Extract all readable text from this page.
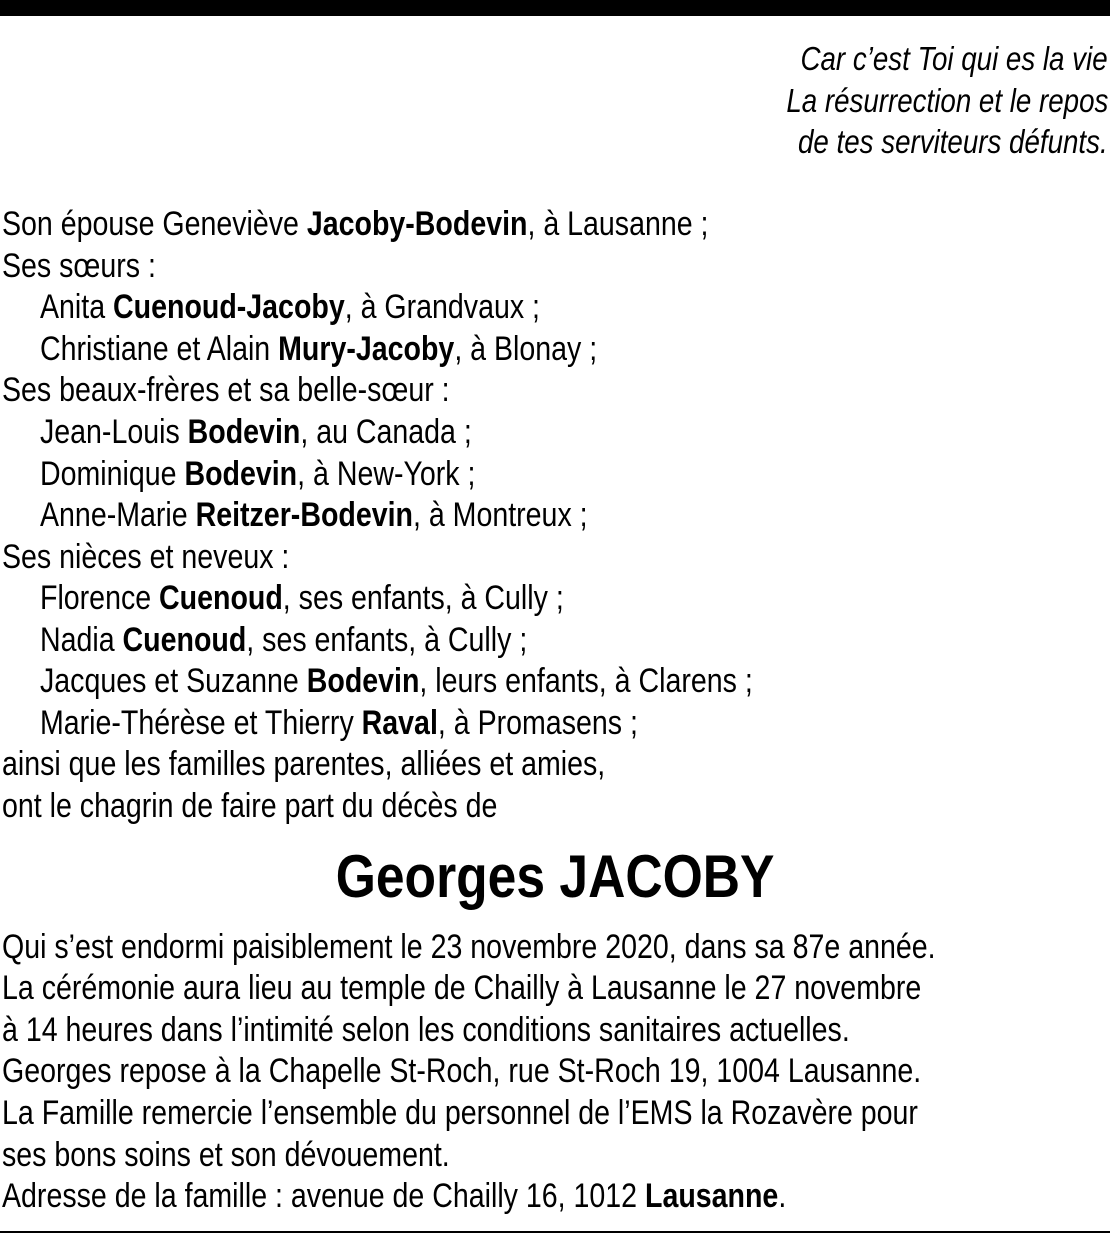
Car c’est Toi qui es la vie
La résurrection et le repos
de tes serviteurs défunts.
Son épouse Geneviève Jacoby-Bodevin, à Lausanne ;
Ses sœurs :
Anita Cuenoud-Jacoby, à Grandvaux ;
Christiane et Alain Mury-Jacoby, à Blonay ;
Ses beaux-frères et sa belle-sœur :
Jean-Louis Bodevin, au Canada ;
Dominique Bodevin, à New-York ;
Anne-Marie Reitzer-Bodevin, à Montreux ;
Ses nièces et neveux :
Florence Cuenoud, ses enfants, à Cully ;
Nadia Cuenoud, ses enfants, à Cully ;
Jacques et Suzanne Bodevin, leurs enfants, à Clarens ;
Marie-Thérèse et Thierry Raval, à Promasens ;
ainsi que les familles parentes, alliées et amies,
ont le chagrin de faire part du décès de
Georges JACOBY
Qui s’est endormi paisiblement le 23 novembre 2020, dans sa 87e année.
La cérémonie aura lieu au temple de Chailly à Lausanne le 27 novembre
à 14 heures dans l’intimité selon les conditions sanitaires actuelles.
Georges repose à la Chapelle St-Roch, rue St-Roch 19, 1004 Lausanne.
La Famille remercie l’ensemble du personnel de l’EMS la Rozavère pour
ses bons soins et son dévouement.
Adresse de la famille : avenue de Chailly 16, 1012 Lausanne.
